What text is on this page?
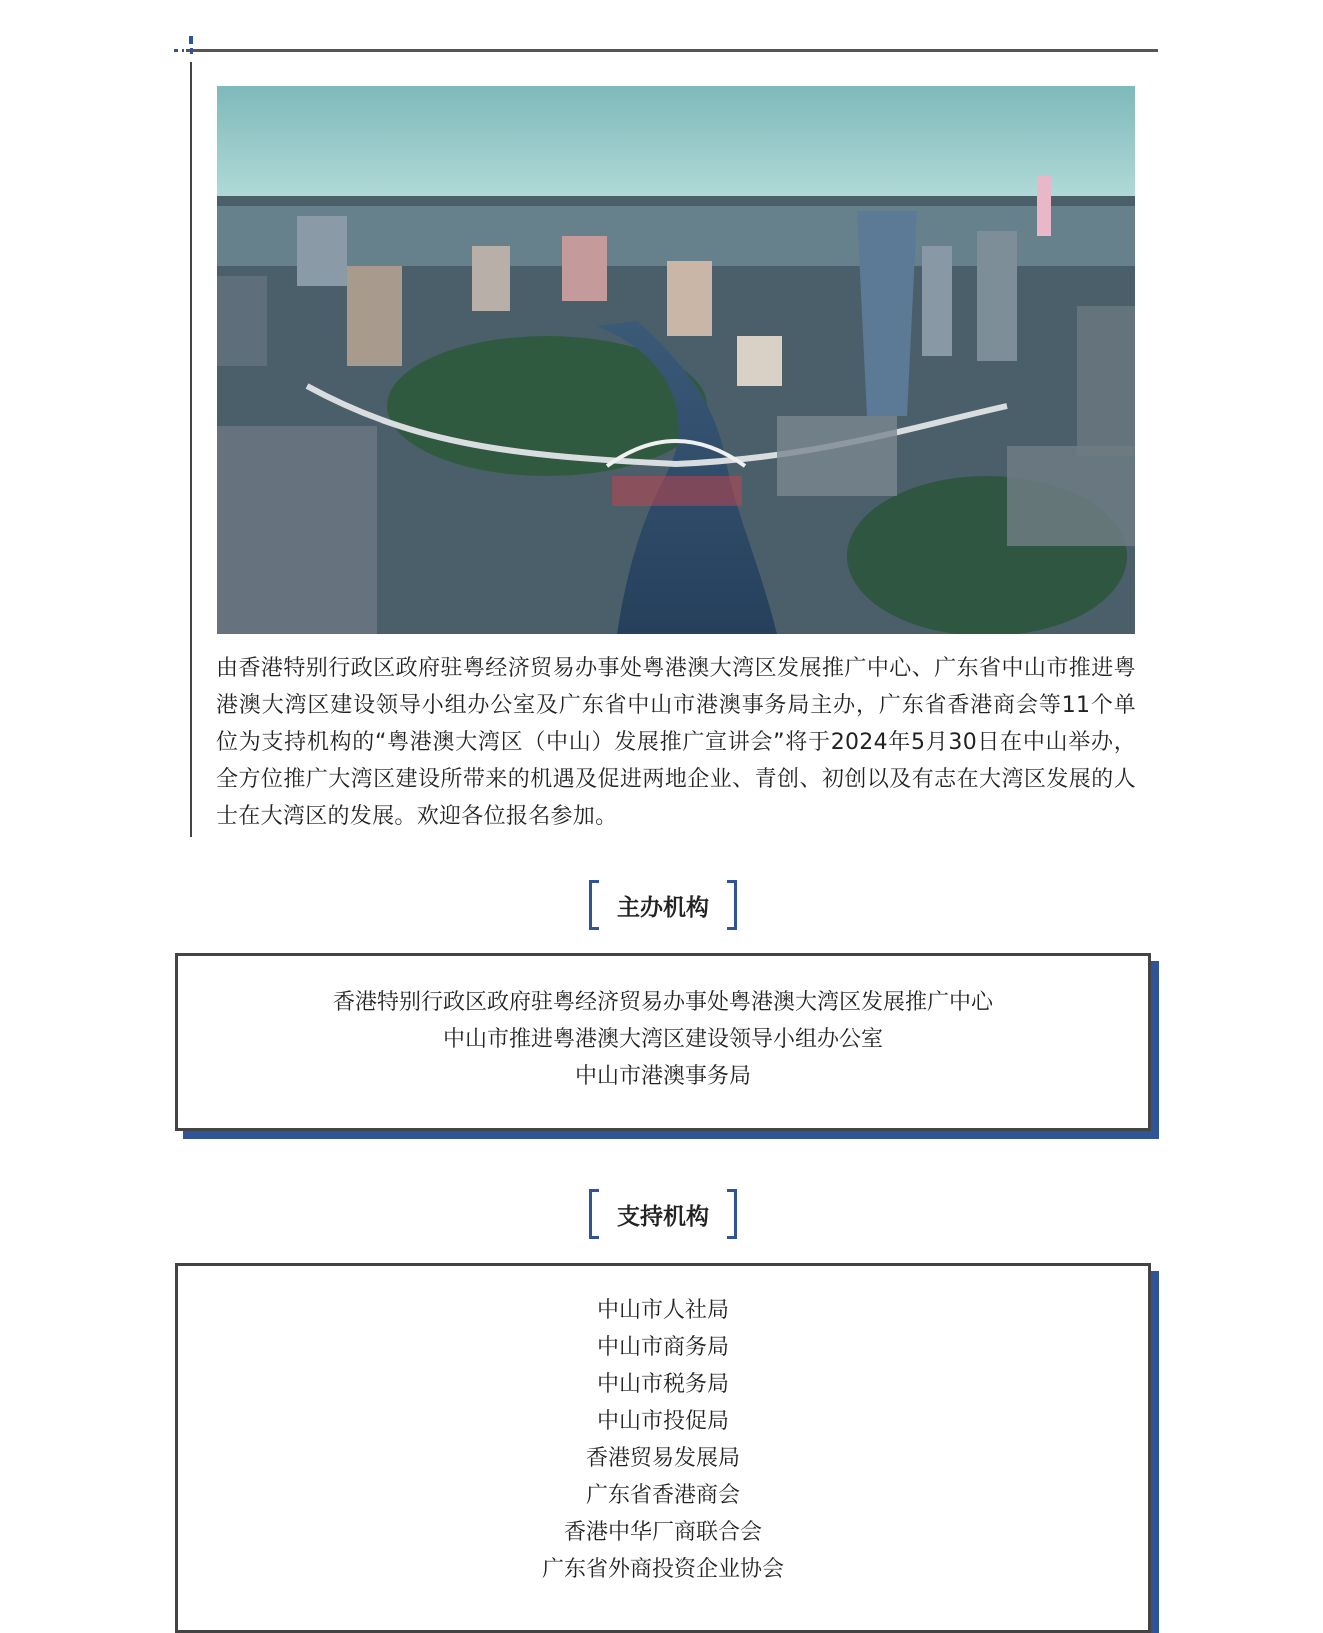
由香港特别行政区政府驻粤经济贸易办事处粤港澳大湾区发展推广中心、广东省中山市推进粤港澳大湾区建设领导小组办公室及广东省中山市港澳事务局主办，广东省香港商会等11个单位为支持机构的“粤港澳大湾区（中山）发展推广宣讲会”将于2024年5月30日在中山举办，全方位推广大湾区建设所带来的机遇及促进两地企业、青创、初创以及有志在大湾区发展的人士在大湾区的发展。欢迎各位报名参加。
主办机构
香港特别行政区政府驻粤经济贸易办事处粤港澳大湾区发展推广中心
中山市推进粤港澳大湾区建设领导小组办公室
中山市港澳事务局
支持机构
中山市人社局
中山市商务局
中山市税务局
中山市投促局
香港贸易发展局
广东省香港商会
香港中华厂商联合会
广东省外商投资企业协会
